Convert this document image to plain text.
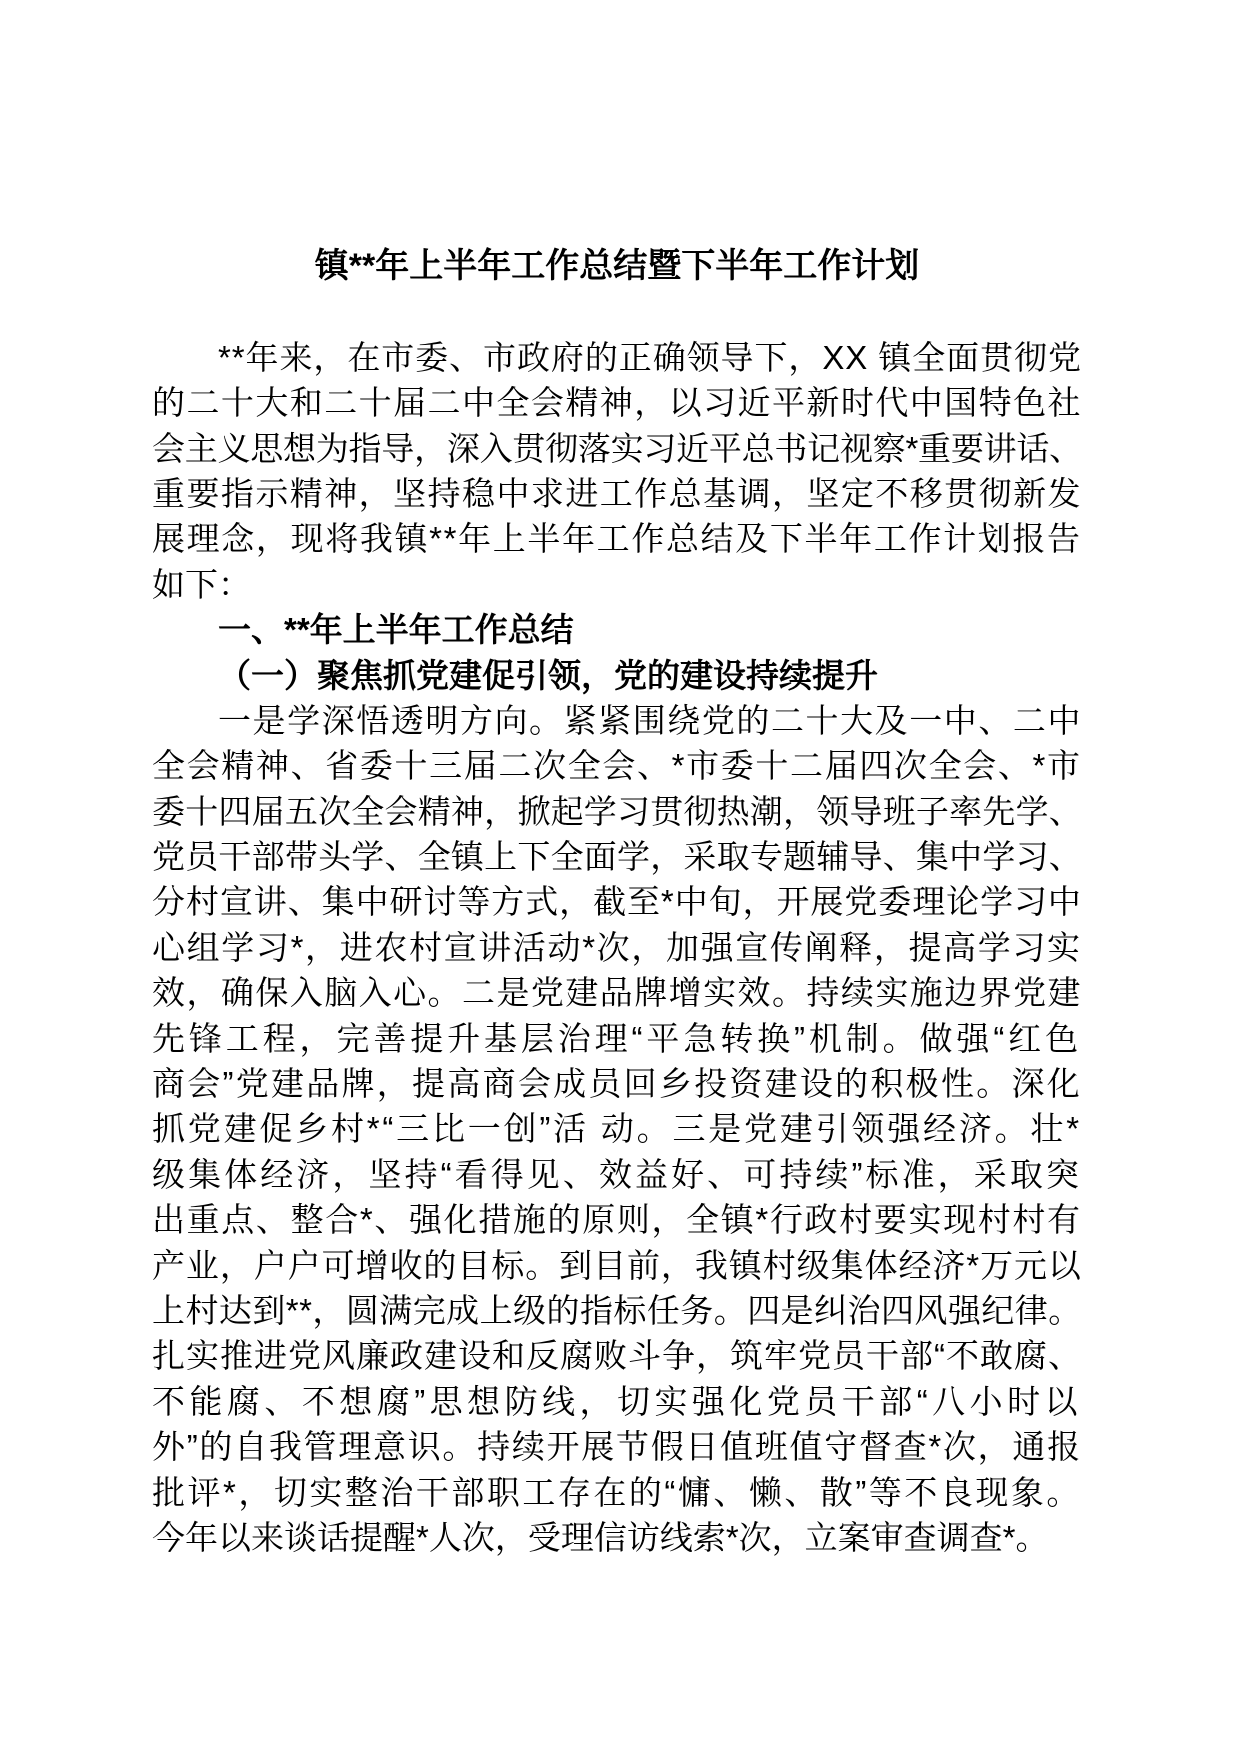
镇**年上半年工作总结暨下半年工作计划
**年来，在市委、市政府的正确领导下，XX 镇全面贯彻党
的二十大和二十届二中全会精神，以习近平新时代中国特色社
会主义思想为指导，深入贯彻落实习近平总书记视察*重要讲话、
重要指示精神，坚持稳中求进工作总基调，坚定不移贯彻新发
展理念，现将我镇**年上半年工作总结及下半年工作计划报告
如下：
一、**年上半年工作总结
（一）聚焦抓党建促引领，党的建设持续提升
一是学深悟透明方向。紧紧围绕党的二十大及一中、二中
全会精神、省委十三届二次全会、*市委十二届四次全会、*市
委十四届五次全会精神，掀起学习贯彻热潮，领导班子率先学、
党员干部带头学、全镇上下全面学，采取专题辅导、集中学习、
分村宣讲、集中研讨等方式，截至*中旬，开展党委理论学习中
心组学习*，进农村宣讲活动*次，加强宣传阐释，提高学习实
效，确保入脑入心。二是党建品牌增实效。持续实施边界党建
先锋工程，完善提升基层治理“平急转换”机制。做强“红色
商会”党建品牌，提高商会成员回乡投资建设的积极性。深化
抓党建促乡村*“三比一创”活 动。三是党建引领强经济。壮*
级集体经济，坚持“看得见、效益好、可持续”标准，采取突
出重点、整合*、强化措施的原则，全镇*行政村要实现村村有
产业，户户可增收的目标。到目前，我镇村级集体经济*万元以
上村达到**，圆满完成上级的指标任务。四是纠治四风强纪律。
扎实推进党风廉政建设和反腐败斗争，筑牢党员干部“不敢腐、
不能腐、不想腐”思想防线，切实强化党员干部“八小时以
外”的自我管理意识。持续开展节假日值班值守督查*次，通报
批评*，切实整治干部职工存在的“慵、懒、散”等不良现象。
今年以来谈话提醒*人次，受理信访线索*次，立案审查调查*。
